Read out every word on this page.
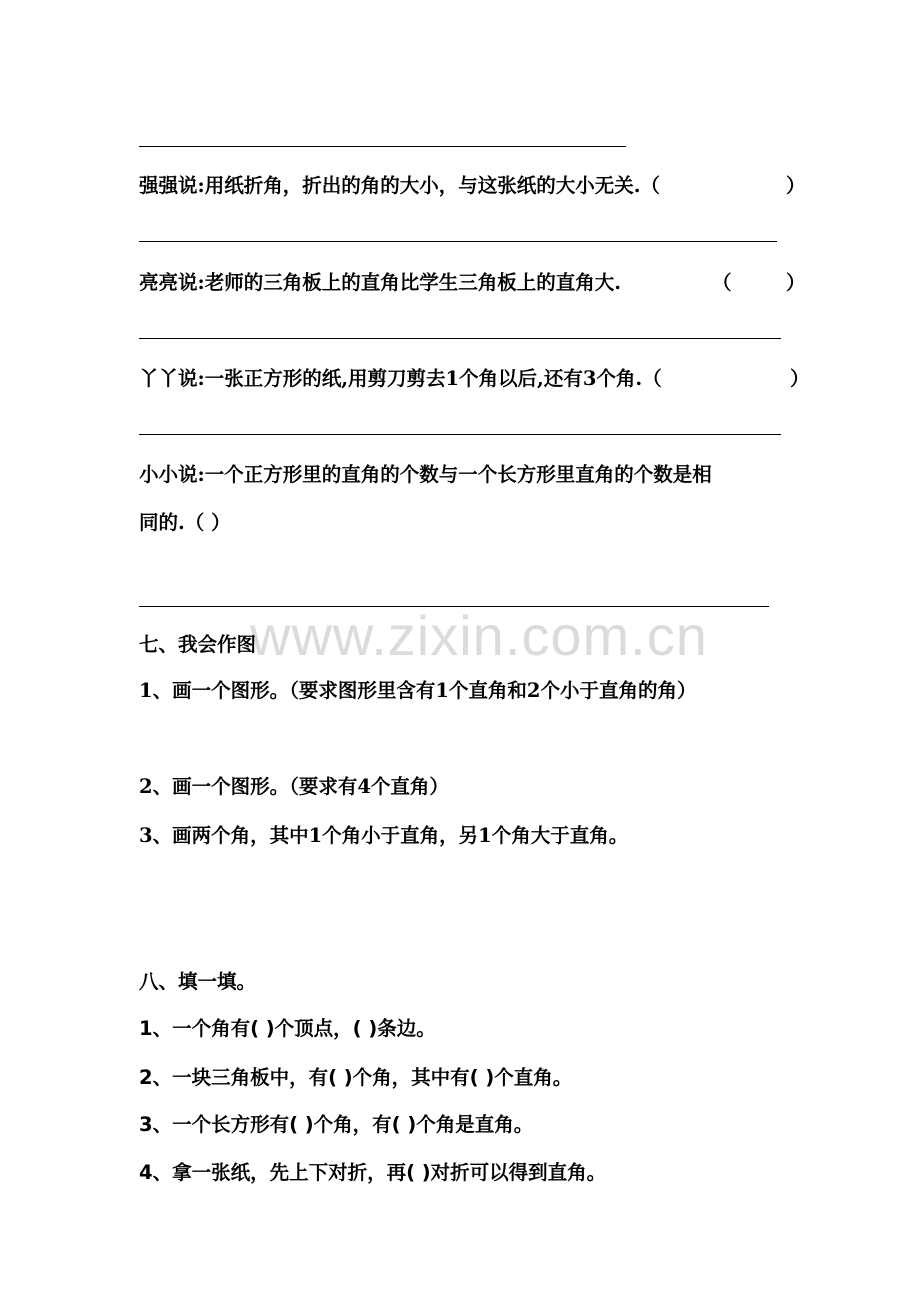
强强说:用纸折角，折出的角的大小，与这张纸的大小无关.（	）
亮亮说:老师的三角板上的直角比学生三角板上的直角大.	（	）
丫丫说:一张正方形的纸,用剪刀剪去1个角以后,还有3个角.（	）
小小说:一个正方形里的直角的个数与一个长方形里直角的个数是相
同的.（ ）
www.zixin.com.cn
七、我会作图
1、画一个图形。（要求图形里含有1个直角和2个小于直角的角）
2、画一个图形。（要求有4个直角）
3、画两个角，其中1个角小于直角，另1个角大于直角。
八、填一填。
1、一个角有( )个顶点，( )条边。
2、一块三角板中，有( )个角，其中有( )个直角。
3、一个长方形有( )个角，有( )个角是直角。
4、拿一张纸，先上下对折，再( )对折可以得到直角。
